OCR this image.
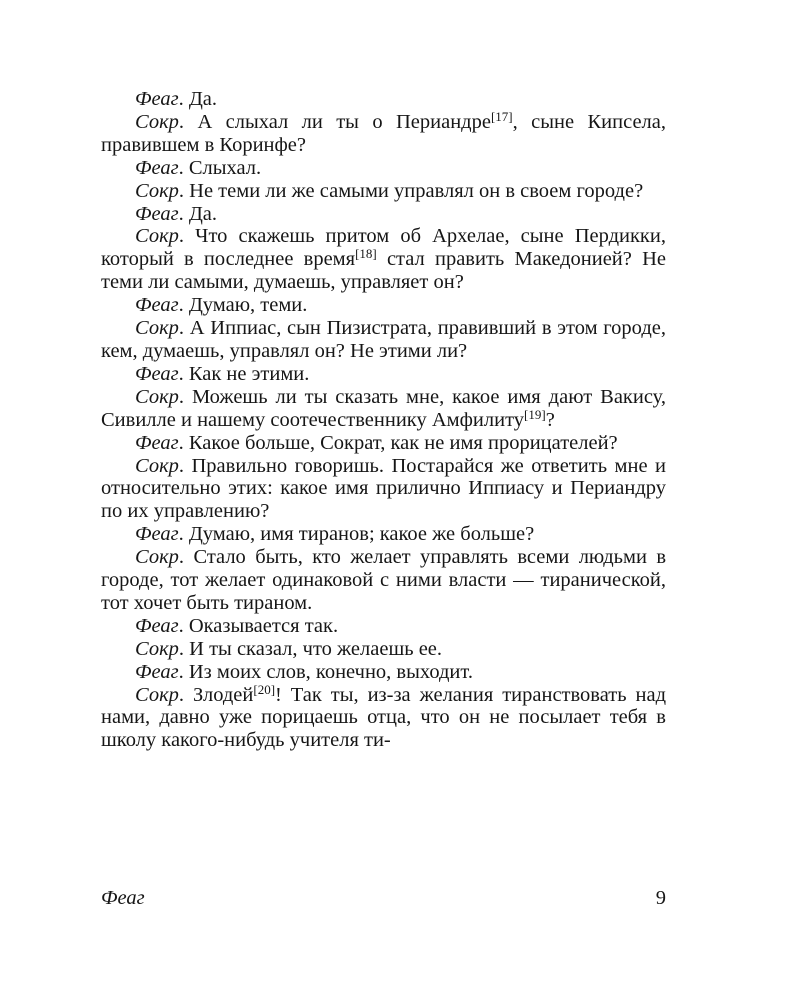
Феаг. Да.

Сокр. А слыхал ли ты о Периандре[17], сыне Кипсела, правившем в Коринфе?

Феаг. Слыхал.

Сокр. Не теми ли же самыми управлял он в своем городе?

Феаг. Да.

Сокр. Что скажешь притом об Архелае, сыне Пердикки, который в последнее время[18] стал править Македонией? Не теми ли самыми, думаешь, управляет он?

Феаг. Думаю, теми.

Сокр. А Иппиас, сын Пизистрата, правивший в этом городе, кем, думаешь, управлял он? Не этими ли?

Феаг. Как не этими.

Сокр. Можешь ли ты сказать мне, какое имя дают Вакису, Сивилле и нашему соотечественнику Амфилиту[19]?

Феаг. Какое больше, Сократ, как не имя прорицателей?

Сокр. Правильно говоришь. Постарайся же ответить мне и относительно этих: какое имя прилично Иппиасу и Периандру по их управлению?

Феаг. Думаю, имя тиранов; какое же больше?

Сокр. Стало быть, кто желает управлять всеми людьми в городе, тот желает одинаковой с ними власти — тиранической, тот хочет быть тираном.

Феаг. Оказывается так.

Сокр. И ты сказал, что желаешь ее.

Феаг. Из моих слов, конечно, выходит.

Сокр. Злодей[20]! Так ты, из-за желания тиранствовать над нами, давно уже порицаешь отца, что он не посылает тебя в школу какого-нибудь учителя ти-

Феаг	9
